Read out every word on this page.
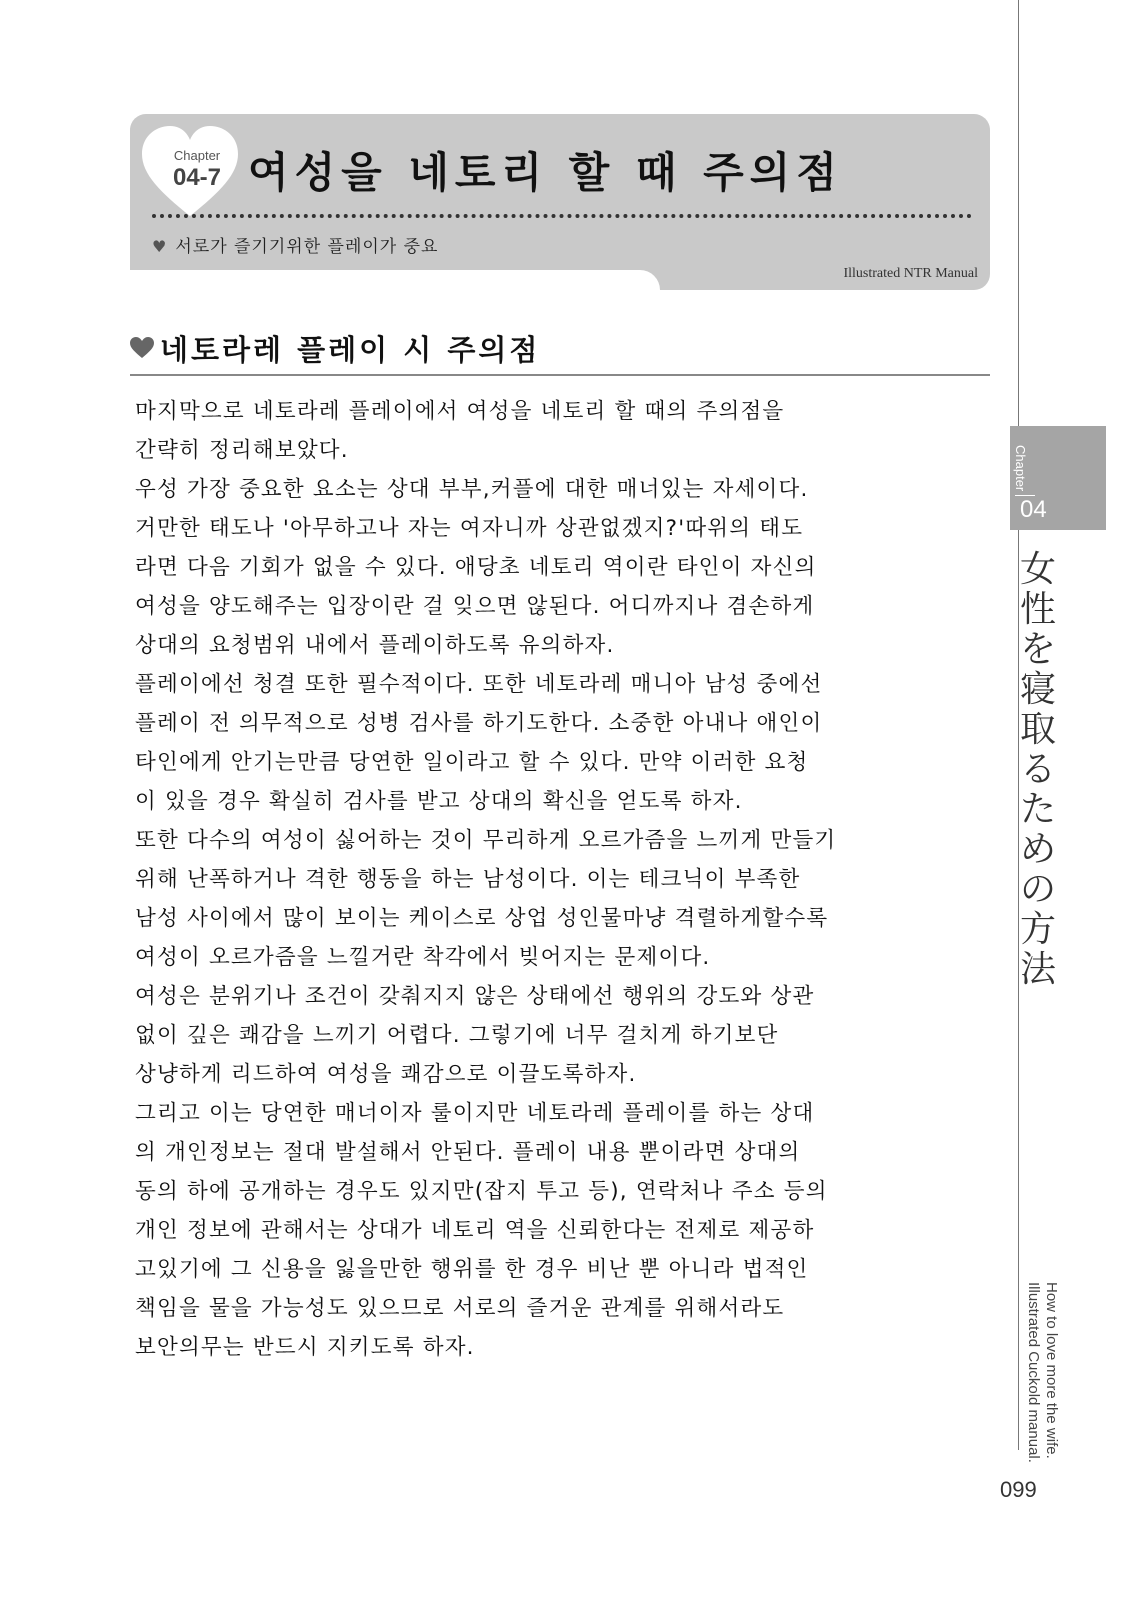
Chapter
04-7 여성을 네토리 할 때 주의점
♥ 서로가 즐기기위한 플레이가 중요
Illustrated NTR Manual
네토라레 플레이 시 주의점
마지막으로 네토라레 플레이에서 여성을 네토리 할 때의 주의점을
간략히 정리해보았다.
우성 가장 중요한 요소는 상대 부부,커플에 대한 매너있는 자세이다.
거만한 태도나 '아무하고나 자는 여자니까 상관없겠지?'따위의 태도
라면 다음 기회가 없을 수 있다. 애당초 네토리 역이란 타인이 자신의
여성을 양도해주는 입장이란 걸 잊으면 않된다. 어디까지나 겸손하게
상대의 요청범위 내에서 플레이하도록 유의하자.
플레이에선 청결 또한 필수적이다. 또한 네토라레 매니아 남성 중에선
플레이 전 의무적으로 성병 검사를 하기도한다. 소중한 아내나 애인이
타인에게 안기는만큼 당연한 일이라고 할 수 있다. 만약 이러한 요청
이 있을 경우 확실히 검사를 받고 상대의 확신을 얻도록 하자.
또한 다수의 여성이 싫어하는 것이 무리하게 오르가즘을 느끼게 만들기
위해 난폭하거나 격한 행동을 하는 남성이다. 이는 테크닉이 부족한
남성 사이에서 많이 보이는 케이스로 상업 성인물마냥 격렬하게할수록
여성이 오르가즘을 느낄거란 착각에서 빚어지는 문제이다.
여성은 분위기나 조건이 갖춰지지 않은 상태에선 행위의 강도와 상관
없이 깊은 쾌감을 느끼기 어렵다. 그렇기에 너무 걸치게 하기보단
상냥하게 리드하여 여성을 쾌감으로 이끌도록하자.
그리고 이는 당연한 매너이자 룰이지만 네토라레 플레이를 하는 상대
의 개인정보는 절대 발설해서 안된다. 플레이 내용 뿐이라면 상대의
동의 하에 공개하는 경우도 있지만(잡지 투고 등), 연락처나 주소 등의
개인 정보에 관해서는 상대가 네토리 역을 신뢰한다는 전제로 제공하
고있기에 그 신용을 잃을만한 행위를 한 경우 비난 뿐 아니라 법적인
책임을 물을 가능성도 있으므로 서로의 즐거운 관계를 위해서라도
보안의무는 반드시 지키도록 하자.
Chapter
04
女
性
を
寝
取
る
た
め
の
方
法
How to love more the wife.
Illustrated Cuckold manual.
099
